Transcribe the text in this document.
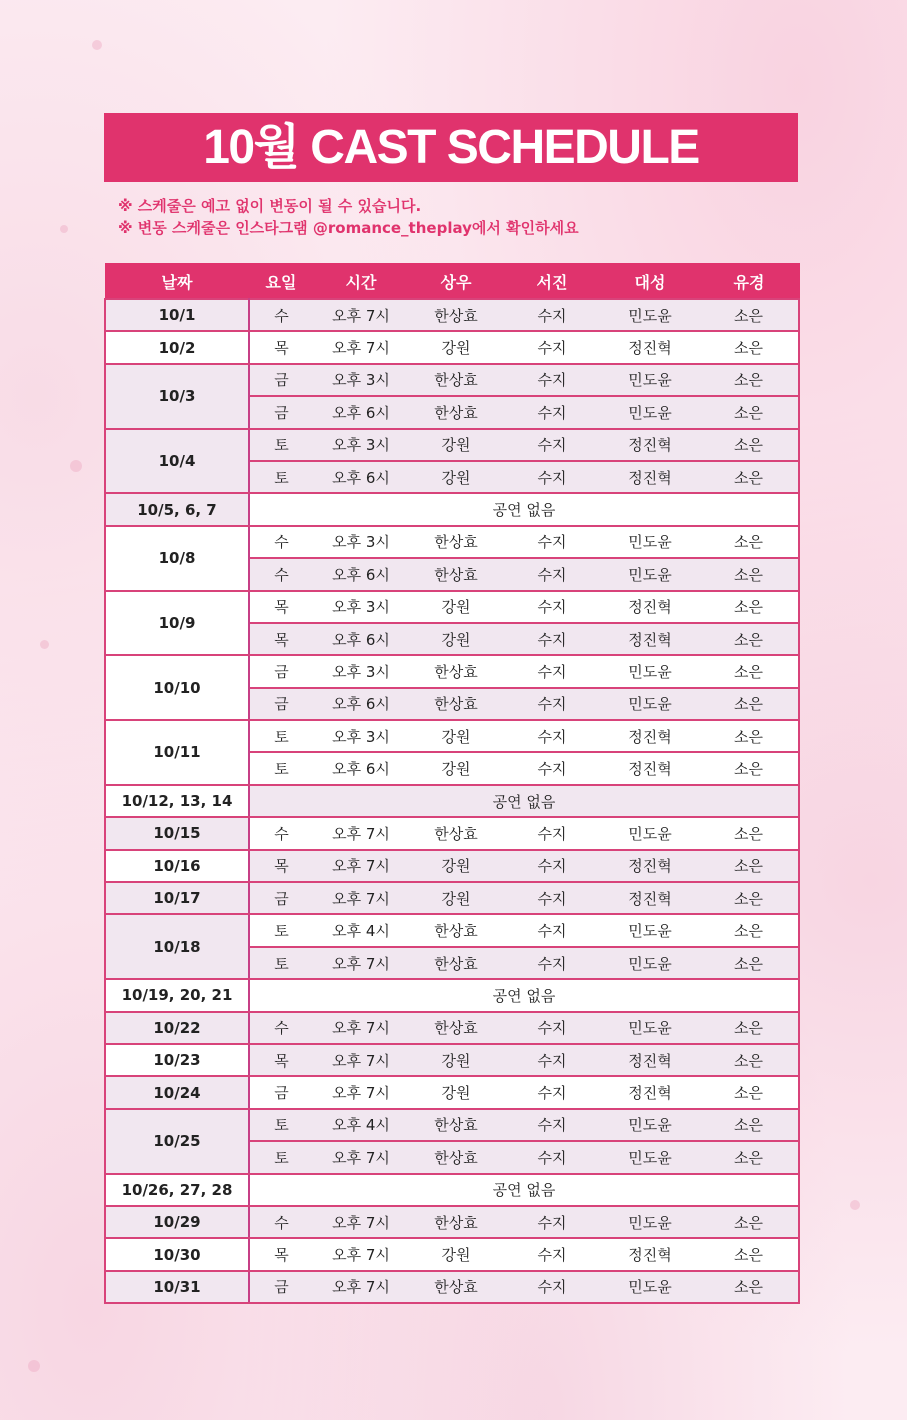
10월 CAST SCHEDULE
※ 스케줄은 예고 없이 변동이 될 수 있습니다.
※ 변동 스케줄은 인스타그램 @romance_theplay에서 확인하세요
날짜	요일	시간	상우	서진	대성	유경
10/1	수	오후 7시	한상효	수지	민도윤	소은
10/2	목	오후 7시	강원	수지	정진혁	소은
10/3	금	오후 3시	한상효	수지	민도윤	소은
	금	오후 6시	한상효	수지	민도윤	소은
10/4	토	오후 3시	강원	수지	정진혁	소은
	토	오후 6시	강원	수지	정진혁	소은
10/5, 6, 7	공연 없음					
10/8	수	오후 3시	한상효	수지	민도윤	소은
	수	오후 6시	한상효	수지	민도윤	소은
10/9	목	오후 3시	강원	수지	정진혁	소은
	목	오후 6시	강원	수지	정진혁	소은
10/10	금	오후 3시	한상효	수지	민도윤	소은
	금	오후 6시	한상효	수지	민도윤	소은
10/11	토	오후 3시	강원	수지	정진혁	소은
	토	오후 6시	강원	수지	정진혁	소은
10/12, 13, 14	공연 없음					
10/15	수	오후 7시	한상효	수지	민도윤	소은
10/16	목	오후 7시	강원	수지	정진혁	소은
10/17	금	오후 7시	강원	수지	정진혁	소은
10/18	토	오후 4시	한상효	수지	민도윤	소은
	토	오후 7시	한상효	수지	민도윤	소은
10/19, 20, 21	공연 없음					
10/22	수	오후 7시	한상효	수지	민도윤	소은
10/23	목	오후 7시	강원	수지	정진혁	소은
10/24	금	오후 7시	강원	수지	정진혁	소은
10/25	토	오후 4시	한상효	수지	민도윤	소은
	토	오후 7시	한상효	수지	민도윤	소은
10/26, 27, 28	공연 없음					
10/29	수	오후 7시	한상효	수지	민도윤	소은
10/30	목	오후 7시	강원	수지	정진혁	소은
10/31	금	오후 7시	한상효	수지	민도윤	소은
